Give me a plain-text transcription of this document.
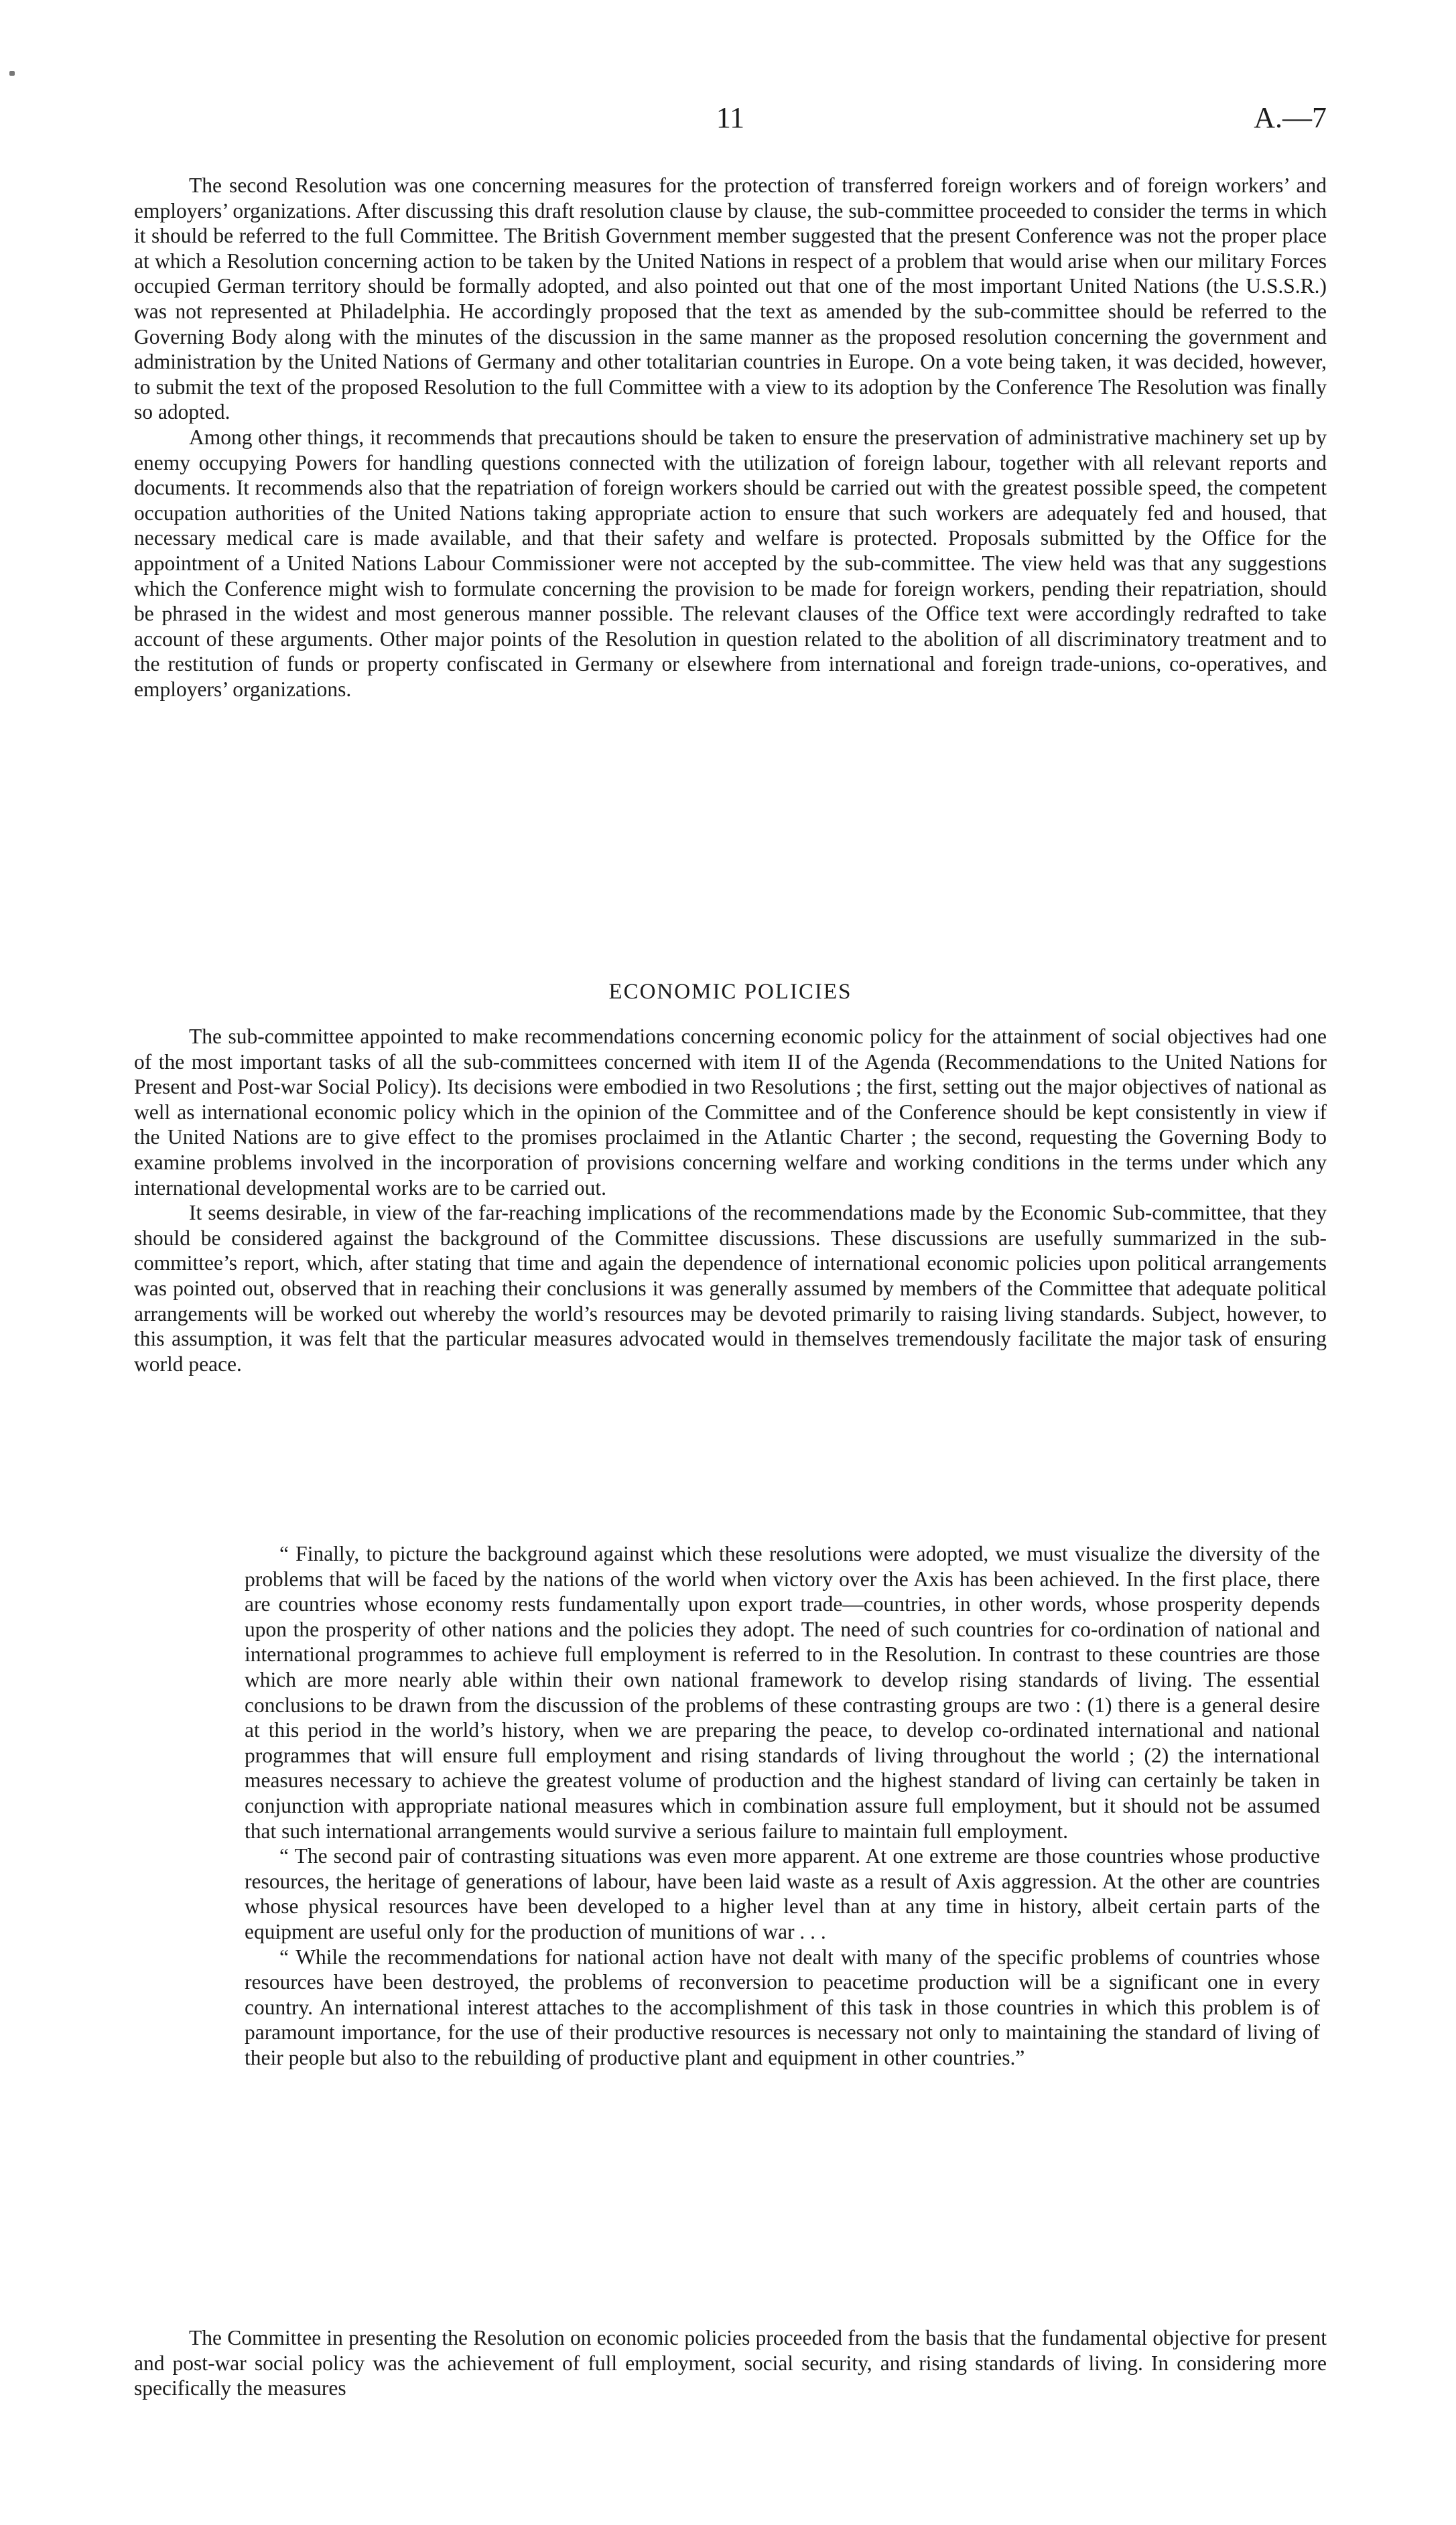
11	A.—7

The second Resolution was one concerning measures for the protection of transferred foreign workers and of foreign workers’ and employers’ organizations. After discussing this draft resolution clause by clause, the sub-committee proceeded to consider the terms in which it should be referred to the full Committee. The British Government member suggested that the present Conference was not the proper place at which a Resolution concerning action to be taken by the United Nations in respect of a problem that would arise when our military Forces occupied German territory should be formally adopted, and also pointed out that one of the most important United Nations (the U.S.S.R.) was not represented at Philadelphia. He accordingly proposed that the text as amended by the sub-committee should be referred to the Governing Body along with the minutes of the discussion in the same manner as the proposed resolution concerning the government and administration by the United Nations of Germany and other totalitarian countries in Europe. On a vote being taken, it was decided, however, to submit the text of the proposed Resolution to the full Committee with a view to its adoption by the Conference The Resolution was finally so adopted.

Among other things, it recommends that precautions should be taken to ensure the preservation of administrative machinery set up by enemy occupying Powers for handling questions connected with the utilization of foreign labour, together with all relevant reports and documents. It recommends also that the repatriation of foreign workers should be carried out with the greatest possible speed, the competent occupation authorities of the United Nations taking appropriate action to ensure that such workers are adequately fed and housed, that necessary medical care is made available, and that their safety and welfare is protected. Proposals submitted by the Office for the appointment of a United Nations Labour Commissioner were not accepted by the sub-committee. The view held was that any suggestions which the Conference might wish to formulate concerning the provision to be made for foreign workers, pending their repatriation, should be phrased in the widest and most generous manner possible. The relevant clauses of the Office text were accordingly redrafted to take account of these arguments. Other major points of the Resolution in question related to the abolition of all discriminatory treatment and to the restitution of funds or property confiscated in Germany or elsewhere from international and foreign trade-unions, co-operatives, and employers’ organizations.

ECONOMIC POLICIES

The sub-committee appointed to make recommendations concerning economic policy for the attainment of social objectives had one of the most important tasks of all the sub-committees concerned with item II of the Agenda (Recommendations to the United Nations for Present and Post-war Social Policy). Its decisions were embodied in two Resolutions ; the first, setting out the major objectives of national as well as international economic policy which in the opinion of the Committee and of the Conference should be kept consistently in view if the United Nations are to give effect to the promises proclaimed in the Atlantic Charter ; the second, requesting the Governing Body to examine problems involved in the incorporation of provisions concerning welfare and working conditions in the terms under which any international developmental works are to be carried out.

It seems desirable, in view of the far-reaching implications of the recommendations made by the Economic Sub-committee, that they should be considered against the background of the Committee discussions. These discussions are usefully summarized in the sub-committee’s report, which, after stating that time and again the dependence of international economic policies upon political arrangements was pointed out, observed that in reaching their conclusions it was generally assumed by members of the Committee that adequate political arrangements will be worked out whereby the world’s resources may be devoted primarily to raising living standards. Subject, however, to this assumption, it was felt that the particular measures advocated would in themselves tremendously facilitate the major task of ensuring world peace.

“ Finally, to picture the background against which these resolutions were adopted, we must visualize the diversity of the problems that will be faced by the nations of the world when victory over the Axis has been achieved. In the first place, there are countries whose economy rests fundamentally upon export trade—countries, in other words, whose prosperity depends upon the prosperity of other nations and the policies they adopt. The need of such countries for co-ordination of national and international programmes to achieve full employment is referred to in the Resolution. In contrast to these countries are those which are more nearly able within their own national framework to develop rising standards of living. The essential conclusions to be drawn from the discussion of the problems of these contrasting groups are two : (1) there is a general desire at this period in the world’s history, when we are preparing the peace, to develop co-ordinated international and national programmes that will ensure full employment and rising standards of living throughout the world ; (2) the international measures necessary to achieve the greatest volume of production and the highest standard of living can certainly be taken in conjunction with appropriate national measures which in combination assure full employment, but it should not be assumed that such international arrangements would survive a serious failure to maintain full employment.

“ The second pair of contrasting situations was even more apparent. At one extreme are those countries whose productive resources, the heritage of generations of labour, have been laid waste as a result of Axis aggression. At the other are countries whose physical resources have been developed to a higher level than at any time in history, albeit certain parts of the equipment are useful only for the production of munitions of war . . .

“ While the recommendations for national action have not dealt with many of the specific problems of countries whose resources have been destroyed, the problems of reconversion to peacetime production will be a significant one in every country. An international interest attaches to the accomplishment of this task in those countries in which this problem is of paramount importance, for the use of their productive resources is necessary not only to maintaining the standard of living of their people but also to the rebuilding of productive plant and equipment in other countries.”

The Committee in presenting the Resolution on economic policies proceeded from the basis that the fundamental objective for present and post-war social policy was the achievement of full employment, social security, and rising standards of living. In considering more specifically the measures
